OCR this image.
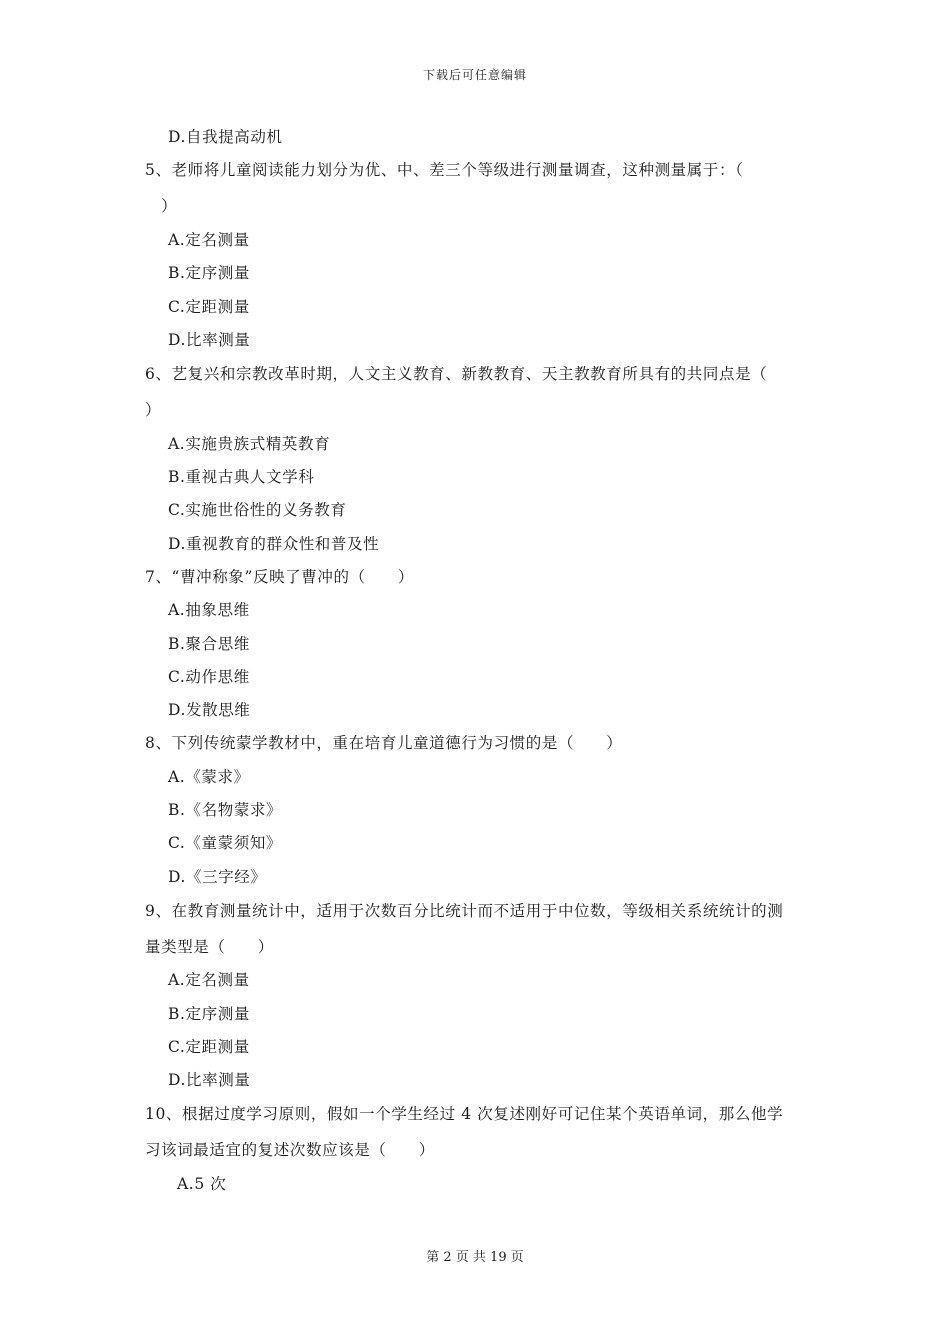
下载后可任意编辑
D.自我提高动机
5、老师将儿童阅读能力划分为优、中、差三个等级进行测量调查，这种测量属于：（
　）
A.定名测量
B.定序测量
C.定距测量
D.比率测量
6、艺复兴和宗教改革时期，人文主义教育、新教教育、天主教教育所具有的共同点是（
）
A.实施贵族式精英教育
B.重视古典人文学科
C.实施世俗性的义务教育
D.重视教育的群众性和普及性
7、“曹冲称象”反映了曹冲的（　　）
A.抽象思维
B.聚合思维
C.动作思维
D.发散思维
8、下列传统蒙学教材中，重在培育儿童道德行为习惯的是（　　）
A.《蒙求》
B.《名物蒙求》
C.《童蒙须知》
D.《三字经》
9、在教育测量统计中，适用于次数百分比统计而不适用于中位数，等级相关系统统计的测
量类型是（　　）
A.定名测量
B.定序测量
C.定距测量
D.比率测量
10、根据过度学习原则，假如一个学生经过 4 次复述刚好可记住某个英语单词，那么他学
习该词最适宜的复述次数应该是（　　）
A.5 次
第 2 页 共 19 页
